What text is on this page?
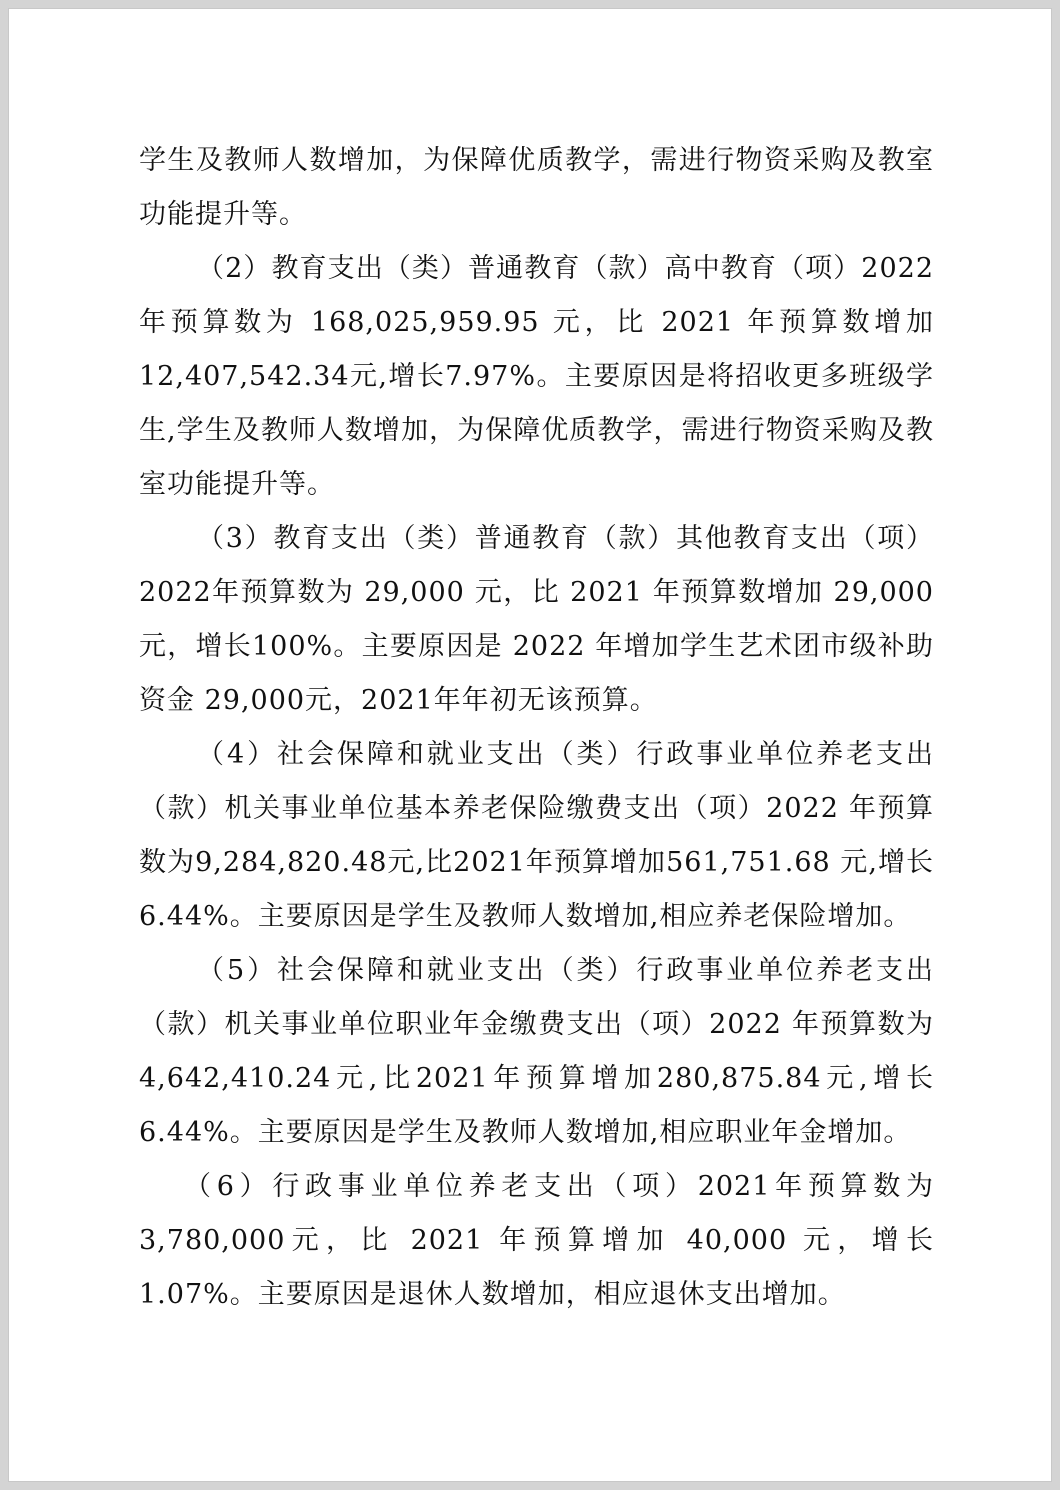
学生及教师人数增加，为保障优质教学，需进行物资采购及教室功能提升等。

（2）教育支出（类）普通教育（款）高中教育（项）2022年预算数为 168,025,959.95 元，比 2021 年预算数增加12,407,542.34元,增长7.97%。主要原因是将招收更多班级学生,学生及教师人数增加，为保障优质教学，需进行物资采购及教室功能提升等。

（3）教育支出（类）普通教育（款）其他教育支出（项）2022年预算数为 29,000 元，比 2021 年预算数增加 29,000 元，增长100%。主要原因是 2022 年增加学生艺术团市级补助资金 29,000元，2021年年初无该预算。

（4）社会保障和就业支出（类）行政事业单位养老支出（款）机关事业单位基本养老保险缴费支出（项）2022 年预算数为9,284,820.48元,比2021年预算增加561,751.68 元,增长6.44%。主要原因是学生及教师人数增加,相应养老保险增加。

（5）社会保障和就业支出（类）行政事业单位养老支出（款）机关事业单位职业年金缴费支出（项）2022 年预算数为4,642,410.24元,比2021年预算增加280,875.84元,增长6.44%。主要原因是学生及教师人数增加,相应职业年金增加。

（6）行政事业单位养老支出（项）2021年预算数为3,780,000元，比 2021 年预算增加 40,000 元，增长 1.07%。主要原因是退休人数增加，相应退休支出增加。
